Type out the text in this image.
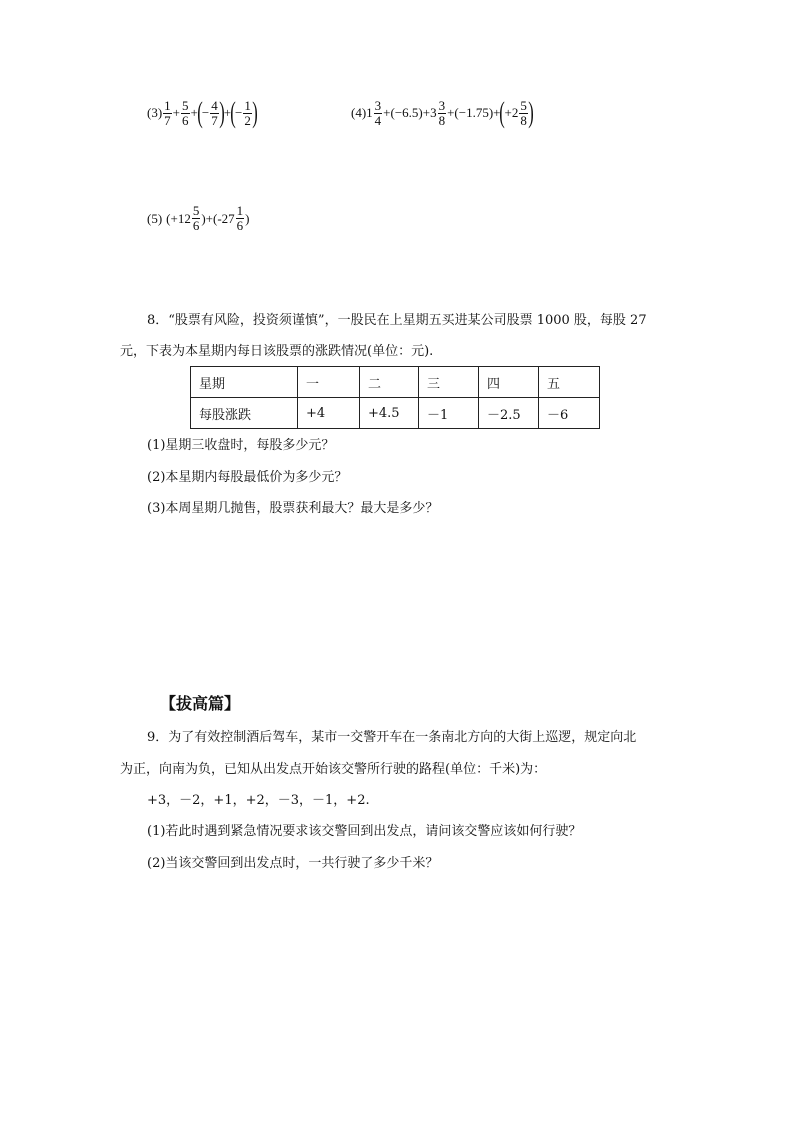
$(3) \frac{1}{7} + \frac{5}{6}$ + ( − $\frac{4}{7}$ ) + ( − $\frac{1}{2}$ )	(4) $1 \frac{3}{4} +(-6.5)+3 \frac{3}{8} +(-1.75)+$ ( $+2 \frac{5}{8}$ )
(5) $(+12 \frac{5}{6} )+(-27 \frac{1}{6}$ )
8．“股票有风险，投资须谨慎”，一股民在上星期五买进某公司股票 1000 股，每股 27
元，下表为本星期内每日该股票的涨跌情况(单位：元).
星期	一	二	三	四	五
每股涨跌	+4	+4.5	－1	－2.5	－6
(1)星期三收盘时，每股多少元？
(2)本星期内每股最低价为多少元？
(3)本周星期几抛售，股票获利最大？最大是多少？
【拔高篇】
9．为了有效控制酒后驾车，某市一交警开车在一条南北方向的大街上巡逻，规定向北
为正，向南为负，已知从出发点开始该交警所行驶的路程(单位：千米)为：
+3，－2，+1，+2，－3，－1，+2.
(1)若此时遇到紧急情况要求该交警回到出发点，请问该交警应该如何行驶？
(2)当该交警回到出发点时，一共行驶了多少千米？
